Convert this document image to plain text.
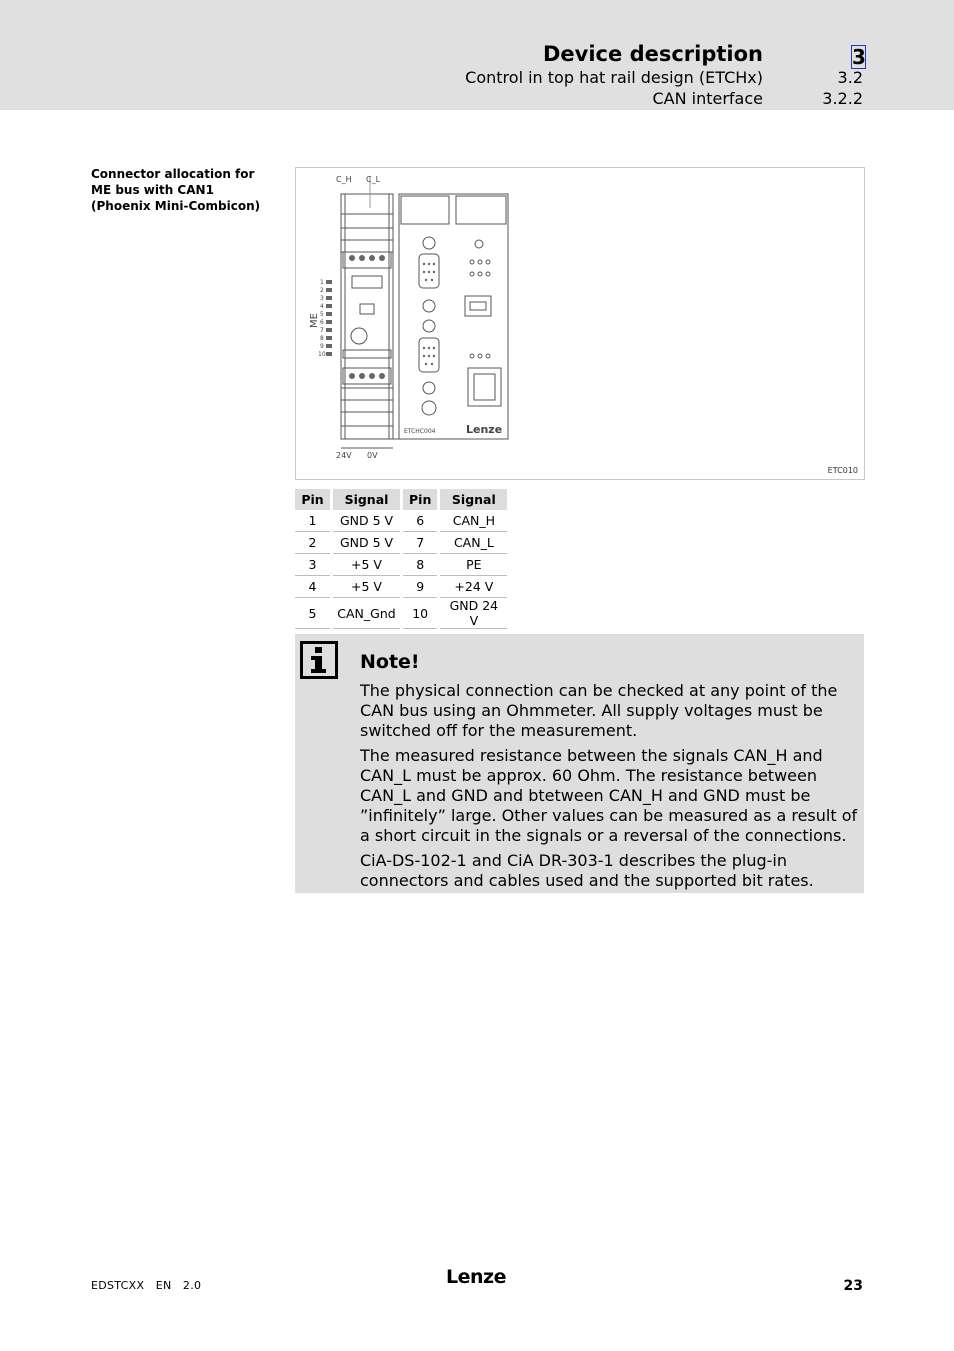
Device description	3
Control in top hat rail design (ETCHx)	3.2
CAN interface	3.2.2
Connector allocation for ME bus with CAN1 (Phoenix Mini-Combicon)
C_H C_L
ME
24V 0V
ETCHC004	Lenze
1
2
3
4
5
6
7
8
9
10
ETC010
Pin	Signal	Pin	Signal
1	GND 5 V	6	CAN_H
2	GND 5 V	7	CAN_L
3	+5 V	8	PE
4	+5 V	9	+24 V
5	CAN_Gnd	10	GND 24 V
Note!

The physical connection can be checked at any point of the CAN bus using an Ohmmeter. All supply voltages must be switched off for the measurement.

The measured resistance between the signals CAN_H and CAN_L must be approx. 60 Ohm. The resistance between CAN_L and GND and btetween CAN_H and GND must be ”infinitely” large. Other values can be measured as a result of a short circuit in the signals or a reversal of the connections.

CiA-DS-102-1 and CiA DR-303-1 describes the plug-in connectors and cables used and the supported bit rates.

EDSTCXX EN 2.0	Lenze	23
